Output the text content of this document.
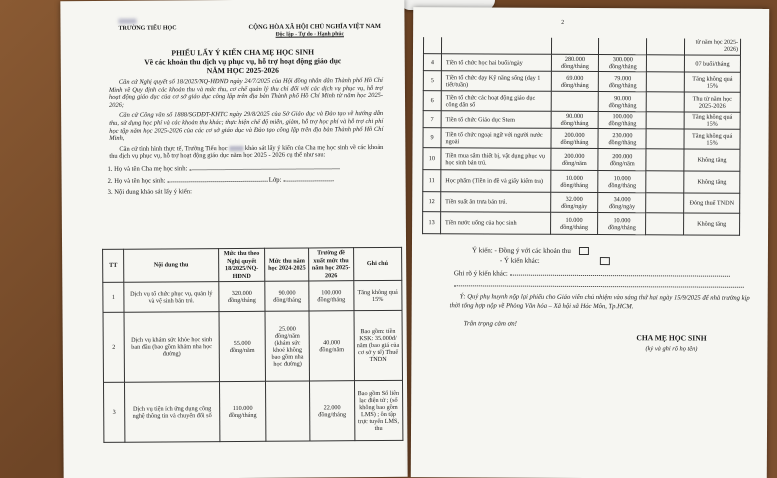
TRƯỜNG TIỂU HỌC	CỘNG HÒA XÃ HỘI CHỦ NGHĨA VIỆT NAM
Độc lập - Tự do - Hạnh phúc
PHIẾU LẤY Ý KIẾN CHA MẸ HỌC SINH
Về các khoản thu dịch vụ phục vụ, hỗ trợ hoạt động giáo dục
NĂM HỌC 2025-2026

Căn cứ Nghị quyết số 18/2025/NQ-HĐND ngày 24/7/2025 của Hội đồng nhân dân Thành phố Hồ Chí Minh về Quy định các khoản thu và mức thu, cơ chế quản lý thu chi đối với các dịch vụ phục vụ, hỗ trợ hoạt động giáo dục của cơ sở giáo dục công lập trên địa bàn Thành phố Hồ Chí Minh từ năm học 2025-2026;

Căn cứ Công văn số 1888/SGDĐT-KHTC ngày 29/8/2025 của Sở Giáo dục và Đào tạo về hướng dẫn thu, sử dụng học phí và các khoản thu khác; thực hiện chế độ miễn, giảm, hỗ trợ học phí và hỗ trợ chi phí học tập năm học 2025-2026 của các cơ sở giáo dục và Đào tạo công lập trên địa bàn Thành phố Hồ Chí Minh,

Căn cứ tình hình thực tế, Trường Tiểu học	khảo sát lấy ý kiến của Cha mẹ học sinh về các khoản thu dịch vụ phục vụ, hỗ trợ hoạt động giáo dục năm học 2025 - 2026 cụ thể như sau:

1. Họ và tên Cha mẹ học sinh:
2. Họ và tên học sinh:	Lớp:
3. Nội dung khảo sát lấy ý kiến:
TT	Nội dung thu	Mức thu theo Nghị quyết 18/2025/NQ-HĐND	Mức thu năm học 2024-2025	Trường đề xuất mức thu năm học 2025-2026	Ghi chú
1	Dịch vụ tổ chức phục vụ, quản lý và vệ sinh bán trú.	320.000 đồng/tháng	90.000 đồng/tháng	100.000 đồng/tháng	Tăng không quá 15%
2	Dịch vụ khám sức khỏe học sinh ban đầu (bao gồm khám nha học đường)	55.000 đồng/năm	25.000 đồng/năm (khám sức khoẻ không bao gồm nha học đường)	40.000 đồng/năm	Bao gồm: tiền KSK: 35.000đ/ năm (bao giá của cơ sở y tế) Thuế TNDN
3	Dịch vụ tiện ích ứng dụng công nghệ thông tin và chuyển đổi số	110.000 đồng/tháng		22.000 đồng/tháng	Bao gồm Sổ liên lạc điện tử ; (sổ không bao gồm LMS) ; ôn tập trực tuyến LMS, thu
2
					từ năm học 2025-2026)
4	Tiền tổ chức học hai buổi/ngày	280.000 đồng/tháng	300.000 đồng/tháng		07 buổi/tháng
5	Tiền tổ chức dạy Kỹ năng sống (dạy 1 tiết/tuần)	69.000 đồng/tháng	79.000 đồng/tháng		Tăng không quá 15%
6	Tiền tổ chức các hoạt động giáo dục công dân số		90.000 đồng/tháng		Thu từ năm học 2025-2026
7	Tiền tổ chức Giáo dục Stem	90.000 đồng/tháng	100.000 đồng/tháng		Tăng không quá 15%
9	Tiền tổ chức ngoại ngữ với người nước ngoài	200.000 đồng/tháng	230.000 đồng/tháng		Tăng không quá 15%
10	Tiền mua sắm thiết bị, vật dụng phục vụ học sinh bán trú.	200.000 đồng/năm	200.000 đồng/năm		Không tăng
11	Học phẩm (Tiền in đề và giấy kiểm tra)	10.000 đồng/tháng	10.000 đồng/tháng		Không tăng
12	Tiền suất ăn trưa bán trú.	32.000 đồng/ngày	34.000 đồng/ngày		Đóng thuế TNDN
13	Tiền nước uống của học sinh	10.000 đồng/tháng	10.000 đồng/tháng		Không tăng
Ý kiến: - Đồng ý với các khoản thu
- Ý kiến khác:
Ghi rõ ý kiến khác:

Ý: Quý phụ huynh nộp lại phiếu cho Giáo viên chủ nhiệm vào sáng thứ hai ngày 15/9/2025 để nhà trường kịp thời tổng hợp nộp về Phòng Văn hóa – Xã hội xã Hóc Môn, Tp.HCM.
Trân trọng cảm ơn!
CHA MẸ HỌC SINH
(ký và ghi rõ họ tên)
